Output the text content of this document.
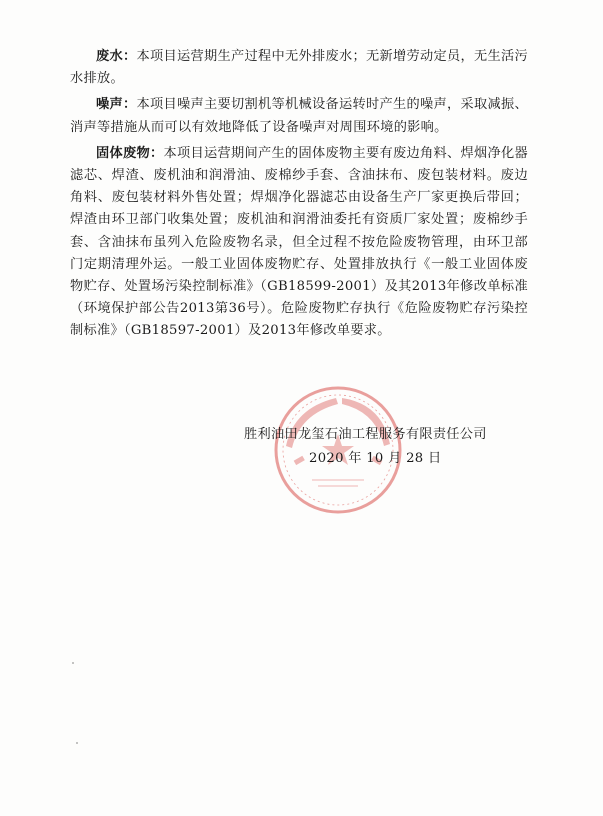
废水：本项目运营期生产过程中无外排废水；无新增劳动定员，无生活污水排放。

噪声：本项目噪声主要切割机等机械设备运转时产生的噪声，采取减振、消声等措施从而可以有效地降低了设备噪声对周围环境的影响。

固体废物：本项目运营期间产生的固体废物主要有废边角料、焊烟净化器滤芯、焊渣、废机油和润滑油、废棉纱手套、含油抹布、废包装材料。废边角料、废包装材料外售处置；焊烟净化器滤芯由设备生产厂家更换后带回；焊渣由环卫部门收集处置；废机油和润滑油委托有资质厂家处置；废棉纱手套、含油抹布虽列入危险废物名录，但全过程不按危险废物管理，由环卫部门定期清理外运。一般工业固体废物贮存、处置排放执行《一般工业固体废物贮存、处置场污染控制标准》（GB18599-2001）及其2013年修改单标准（环境保护部公告2013第36号）。危险废物贮存执行《危险废物贮存污染控制标准》（GB18597-2001）及2013年修改单要求。

胜利油田龙玺石油工程服务有限责任公司
2020 年 10 月 28 日
